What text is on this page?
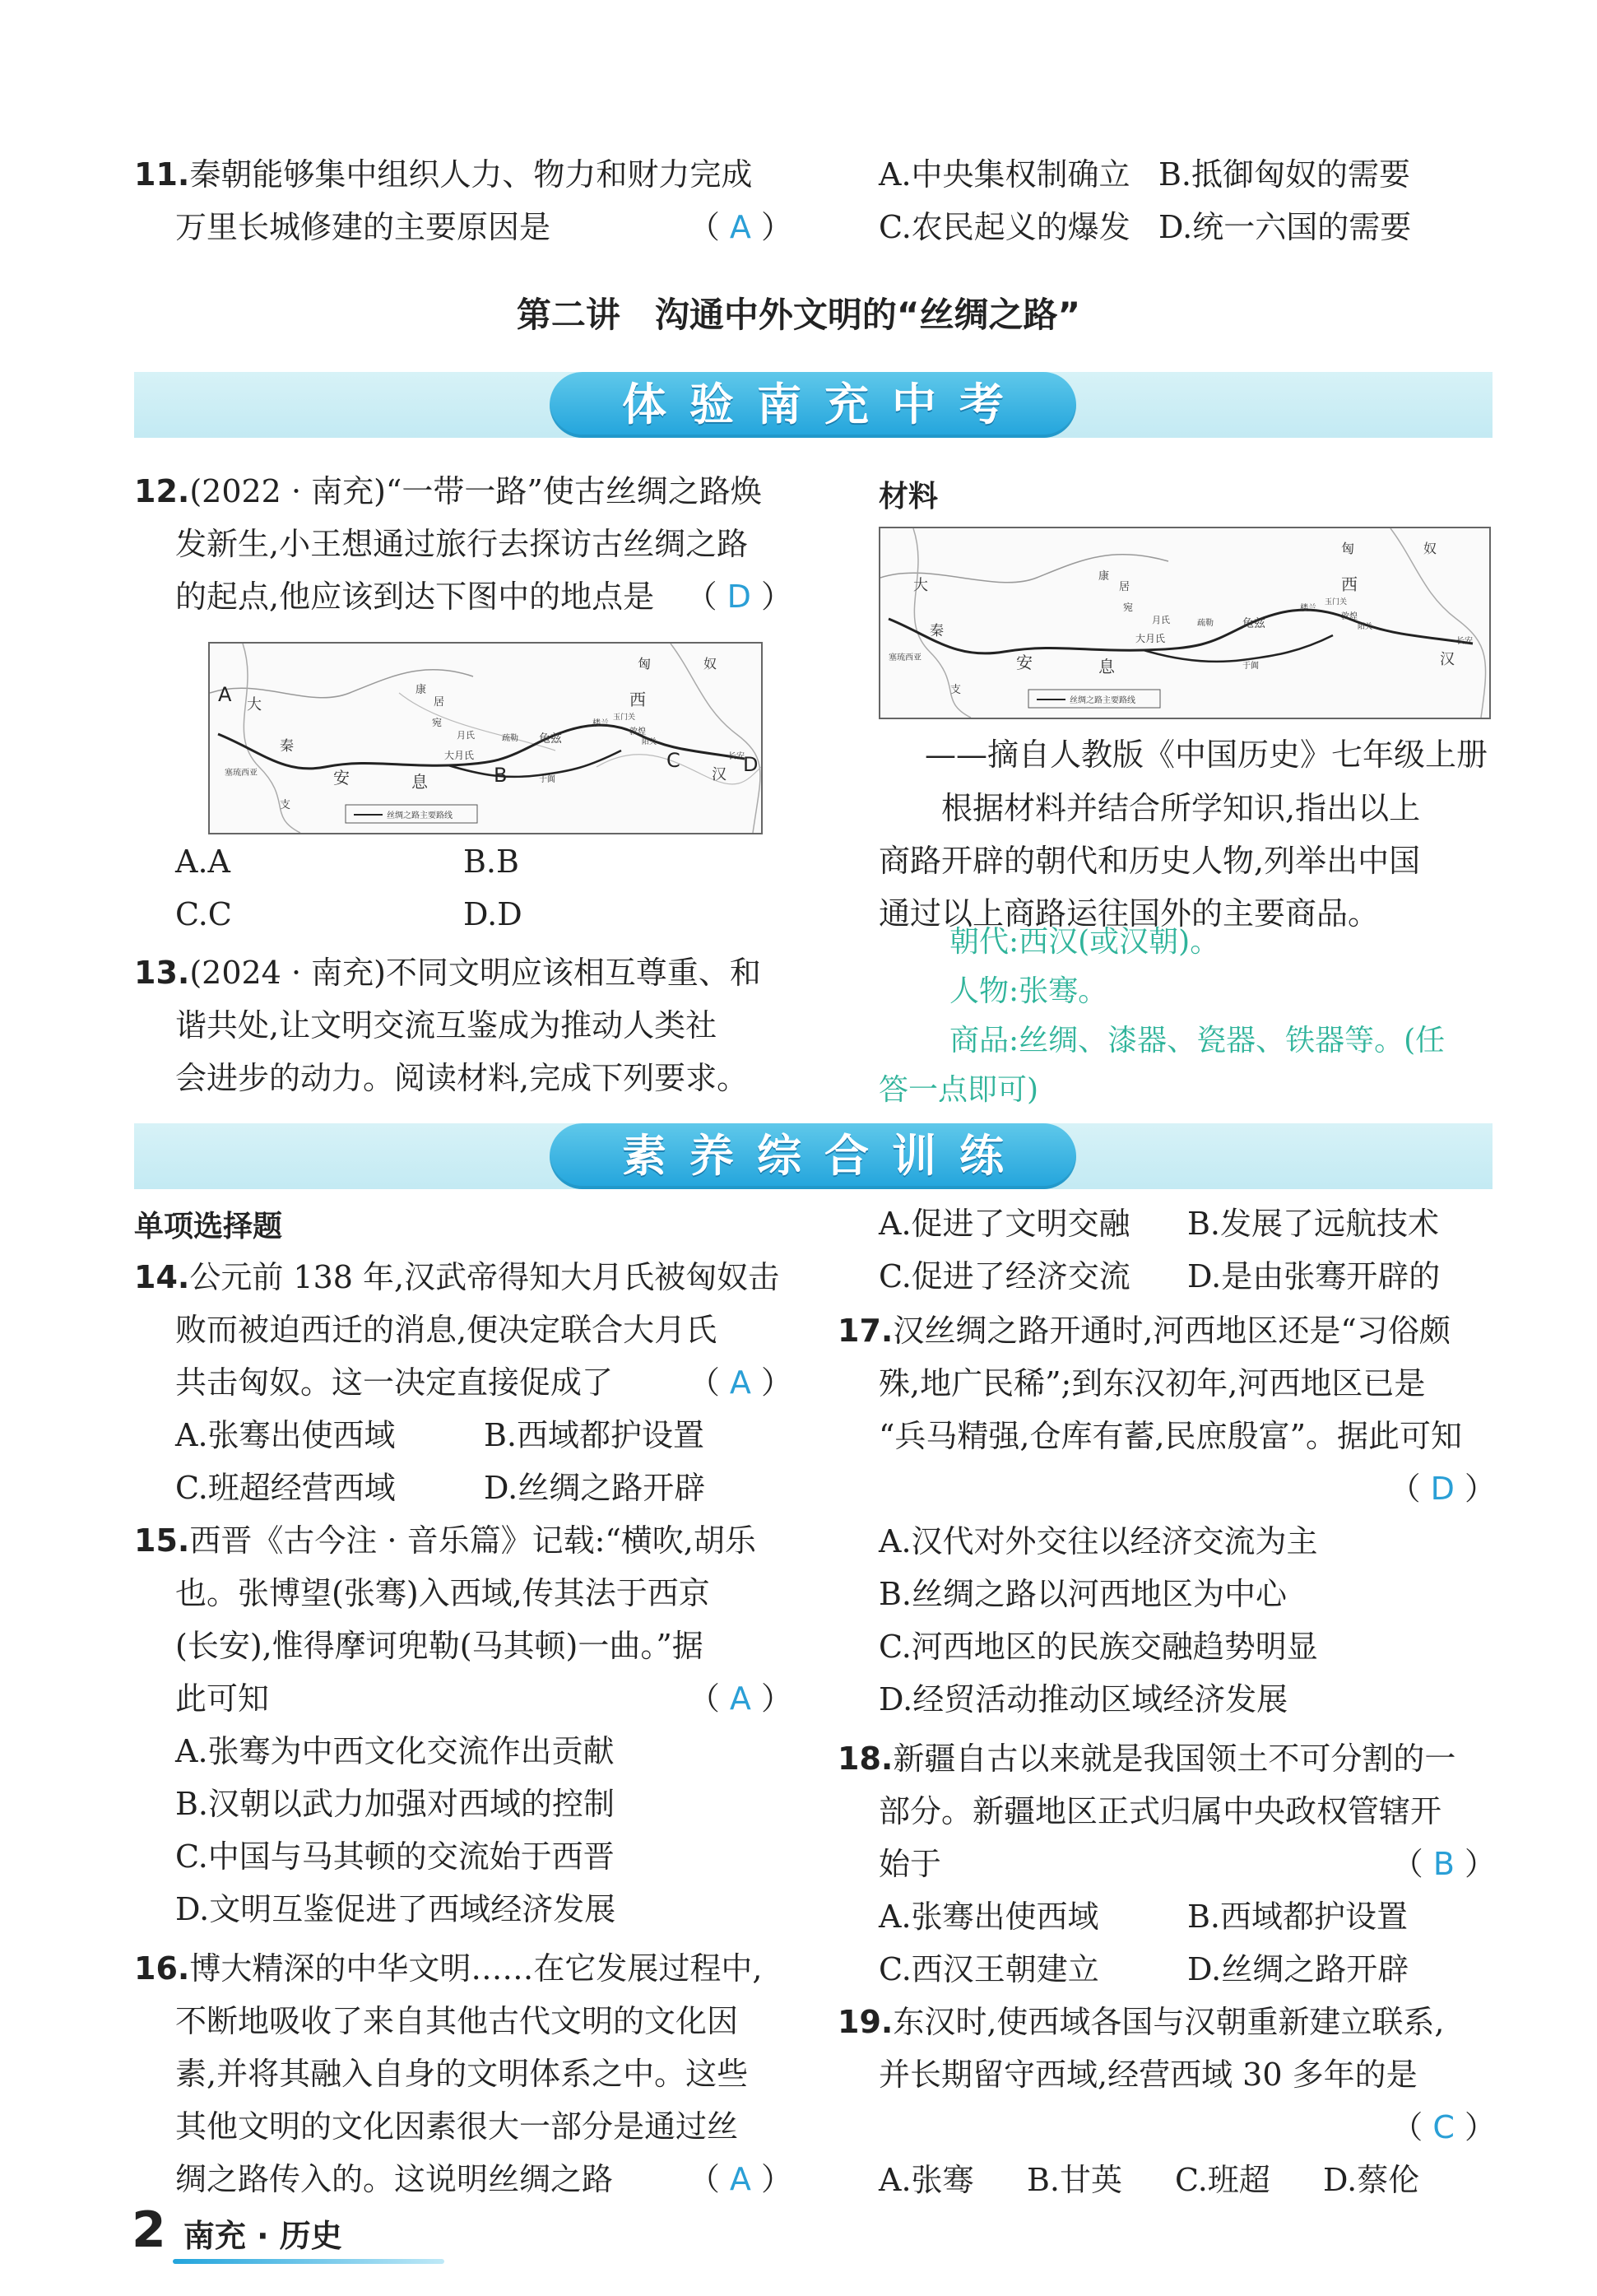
11.秦朝能够集中组织人力、物力和财力完成
万里长城修建的主要原因是	（ A ）
A.中央集权制确立 B.抵御匈奴的需要
C.农民起义的爆发 D.统一六国的需要
第二讲　沟通中外文明的“丝绸之路”
体验南充中考
12.(2022 · 南充)“一带一路”使古丝绸之路焕
发新生,小王想通过旅行去探访古丝绸之路
的起点,他应该到达下图中的地点是 （ D ）
匈	奴
大
宛
康
居
秦
安	息
月氏
大月氏
西
汉
长安
敦煌
楼兰
玉门关
阳关
疏勒
于阗
龟兹
塞琉西亚
支
丝绸之路主要路线
A
B
C	D
A.A	B.B
C.C	D.D
13.(2024 · 南充)不同文明应该相互尊重、和
谐共处,让文明交流互鉴成为推动人类社
会进步的动力。阅读材料,完成下列要求。
材料
匈	奴
大
宛
康
居
秦
安	息
月氏
大月氏
西
汉
长安
敦煌
楼兰
玉门关
阳关
疏勒
于阗
龟兹
塞琉西亚
支
丝绸之路主要路线
——摘自人教版《中国历史》七年级上册
根据材料并结合所学知识,指出以上
商路开辟的朝代和历史人物,列举出中国
通过以上商路运往国外的主要商品。
朝代:西汉(或汉朝)。
人物:张骞。
商品:丝绸、漆器、瓷器、铁器等。(任
答一点即可)
素养综合训练
单项选择题
14.公元前 138 年,汉武帝得知大月氏被匈奴击
败而被迫西迁的消息,便决定联合大月氏
共击匈奴。这一决定直接促成了 （ A ）
A.张骞出使西域	B.西域都护设置
C.班超经营西域	D.丝绸之路开辟
15.西晋《古今注 · 音乐篇》记载:“横吹,胡乐
也。张博望(张骞)入西域,传其法于西京
(长安),惟得摩诃兜勒(马其顿)一曲。”据
此可知	（ A ）
A.张骞为中西文化交流作出贡献
B.汉朝以武力加强对西域的控制
C.中国与马其顿的交流始于西晋
D.文明互鉴促进了西域经济发展
16.博大精深的中华文明……在它发展过程中,
不断地吸收了来自其他古代文明的文化因
素,并将其融入自身的文明体系之中。这些
其他文明的文化因素很大一部分是通过丝
绸之路传入的。这说明丝绸之路 （ A ）
A.促进了文明交融 B.发展了远航技术
C.促进了经济交流 D.是由张骞开辟的
17.汉丝绸之路开通时,河西地区还是“习俗颇
殊,地广民稀”;到东汉初年,河西地区已是
“兵马精强,仓库有蓄,民庶殷富”。据此可知
（ D ）

A.汉代对外交往以经济交流为主
B.丝绸之路以河西地区为中心
C.河西地区的民族交融趋势明显
D.经贸活动推动区域经济发展
18.新疆自古以来就是我国领土不可分割的一
部分。新疆地区正式归属中央政权管辖开
始于	（ B ）
A.张骞出使西域	B.西域都护设置
C.西汉王朝建立	D.丝绸之路开辟
19.东汉时,使西域各国与汉朝重新建立联系,
并长期留守西域,经营西域 30 多年的是
（ C ）

A.张骞 B.甘英 C.班超 D.蔡伦
2 南充 · 历史
